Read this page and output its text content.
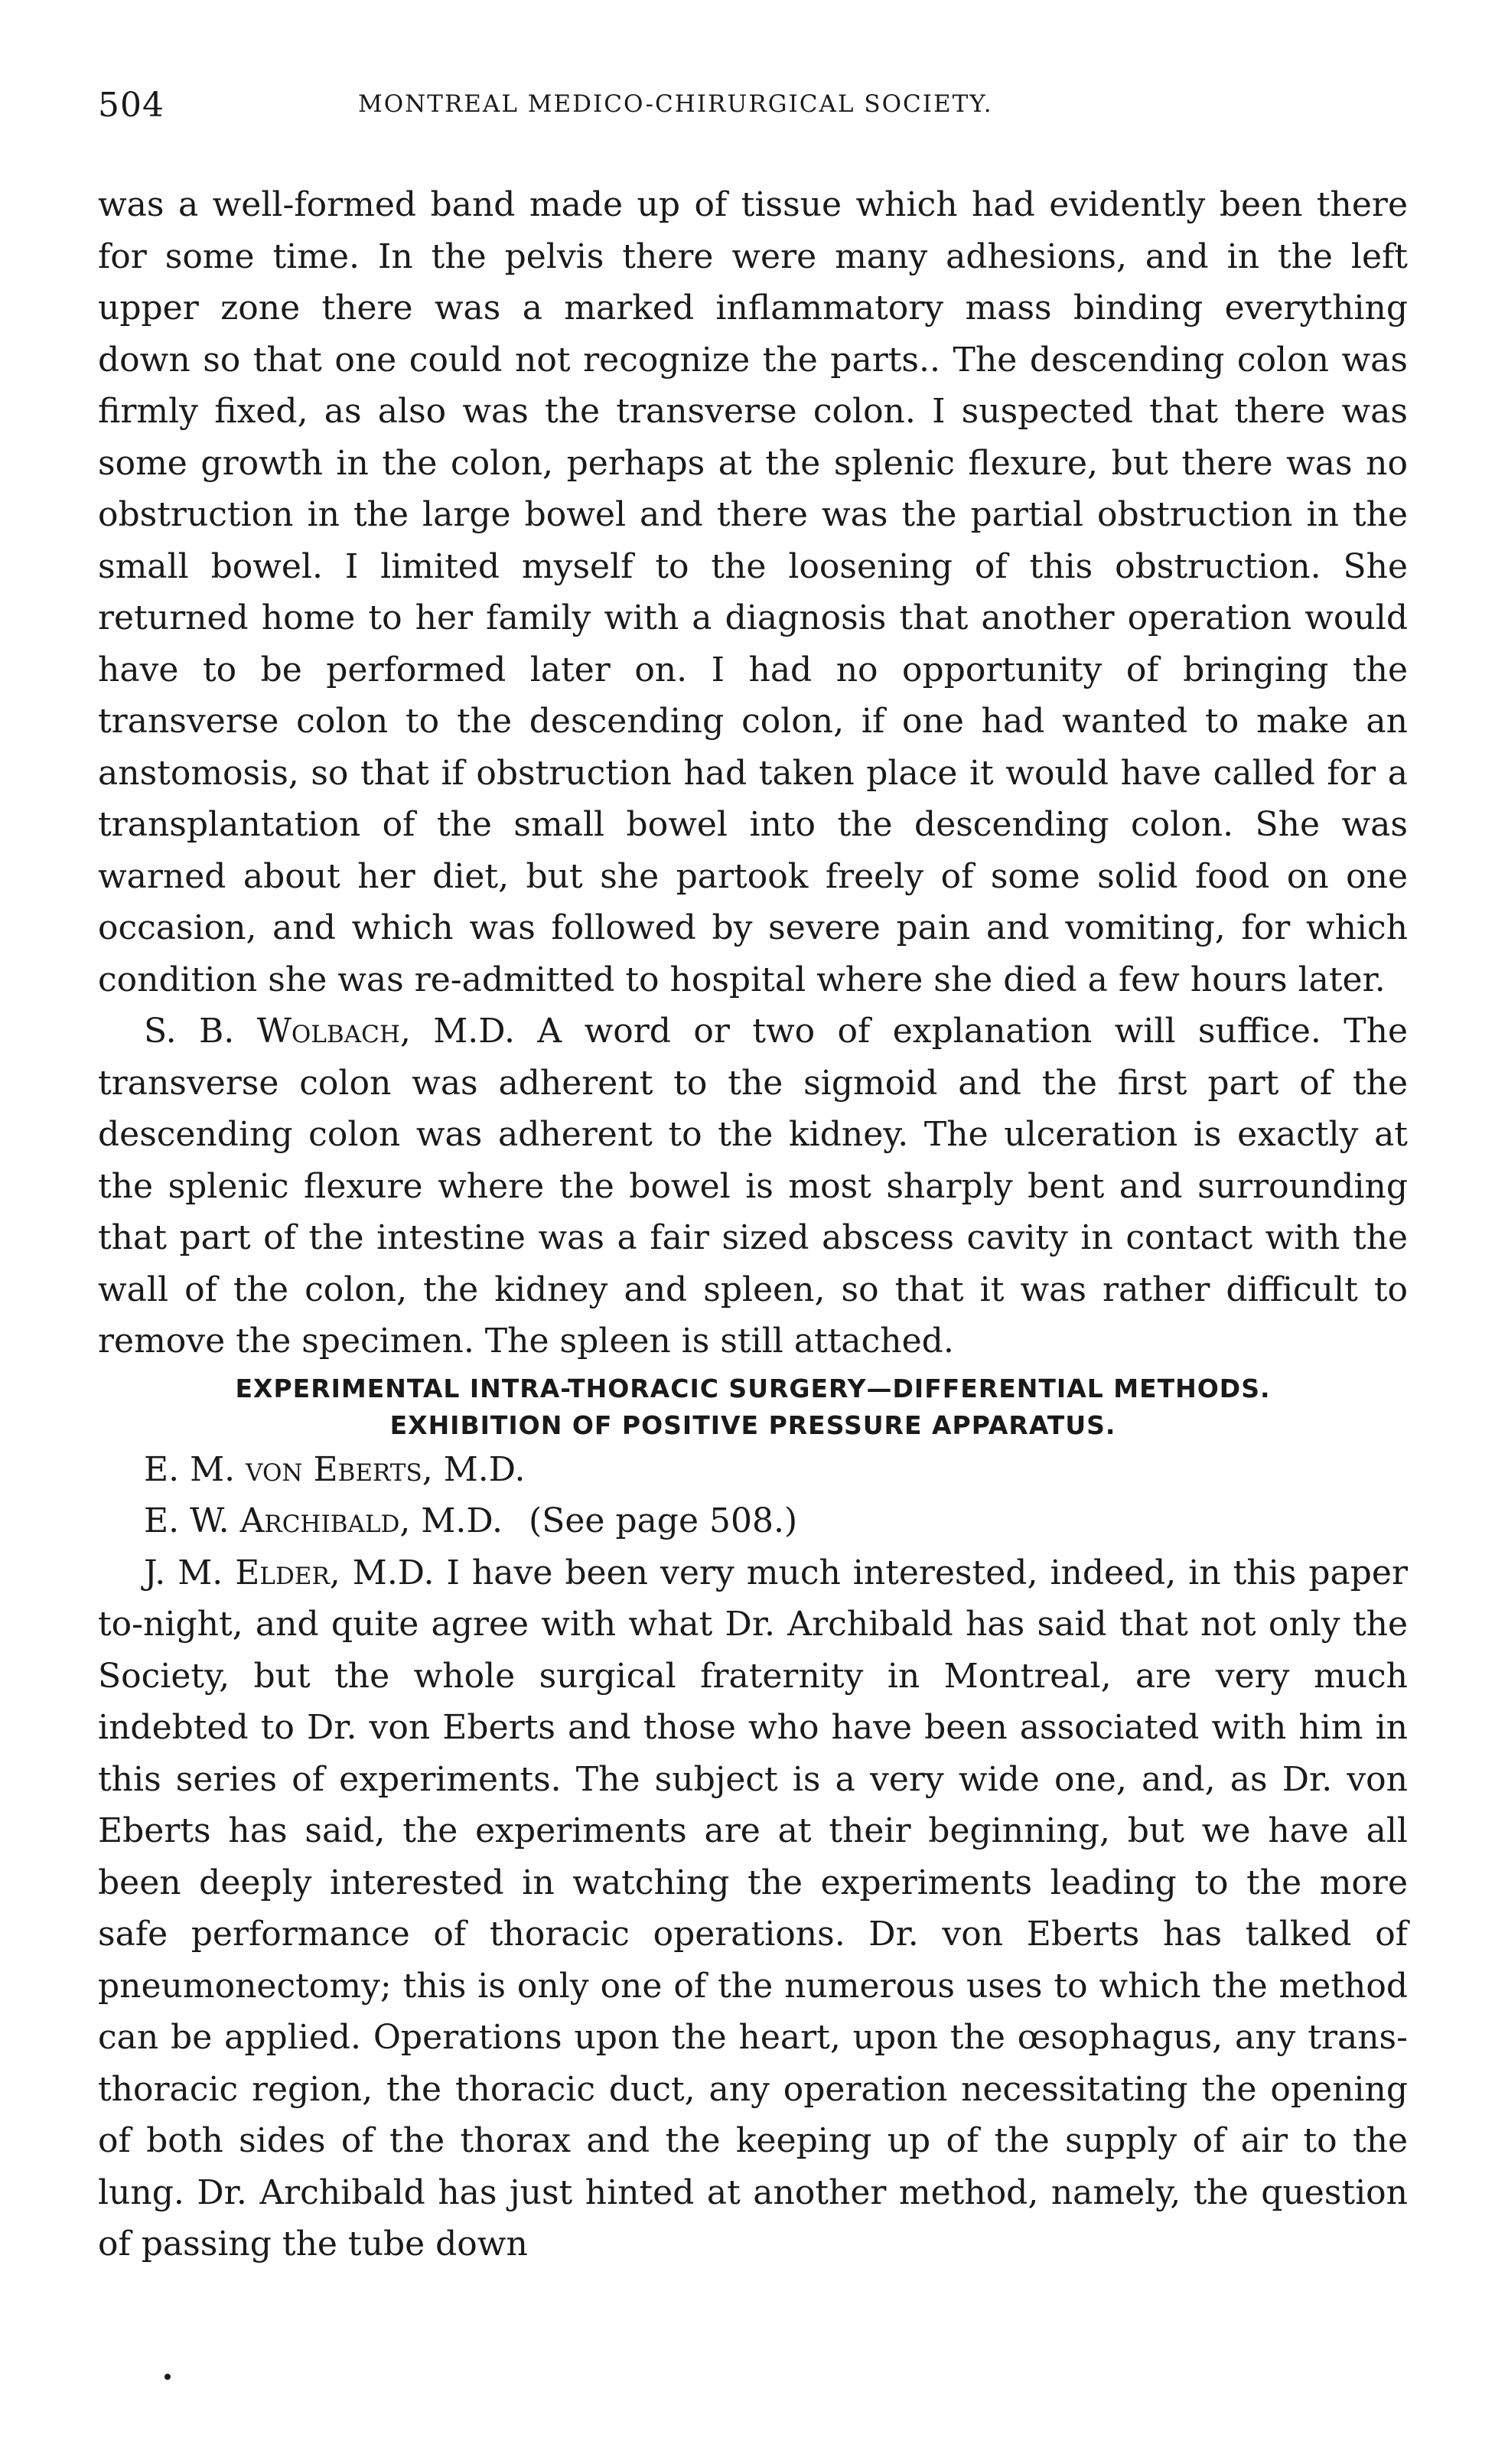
504	MONTREAL MEDICO-CHIRURGICAL SOCIETY.

was a well-formed band made up of tissue which had evidently been there for some time. In the pelvis there were many adhesions, and in the left upper zone there was a marked inflammatory mass binding everything down so that one could not recognize the parts.. The descending colon was firmly fixed, as also was the transverse colon. I suspected that there was some growth in the colon, perhaps at the splenic flexure, but there was no obstruction in the large bowel and there was the partial obstruction in the small bowel. I limited myself to the loosening of this obstruction. She returned home to her family with a diagnosis that another operation would have to be performed later on. I had no opportunity of bringing the transverse colon to the descending colon, if one had wanted to make an anstomosis, so that if obstruction had taken place it would have called for a transplantation of the small bowel into the descending colon. She was warned about her diet, but she partook freely of some solid food on one occasion, and which was followed by severe pain and vomiting, for which condition she was re-admitted to hospital where she died a few hours later.

S. B. Wolbach, M.D. A word or two of explanation will suffice. The transverse colon was adherent to the sigmoid and the first part of the descending colon was adherent to the kidney. The ulceration is exactly at the splenic flexure where the bowel is most sharply bent and surrounding that part of the intestine was a fair sized abscess cavity in contact with the wall of the colon, the kidney and spleen, so that it was rather difficult to remove the specimen. The spleen is still attached.

EXPERIMENTAL INTRA-THORACIC SURGERY—DIFFERENTIAL METHODS.
EXHIBITION OF POSITIVE PRESSURE APPARATUS.

E. M. von Eberts, M.D.

E. W. Archibald, M.D. (See page 508.)

J. M. Elder, M.D. I have been very much interested, indeed, in this paper to-night, and quite agree with what Dr. Archibald has said that not only the Society, but the whole surgical fraternity in Montreal, are very much indebted to Dr. von Eberts and those who have been associated with him in this series of experiments. The subject is a very wide one, and, as Dr. von Eberts has said, the experiments are at their beginning, but we have all been deeply interested in watching the experiments leading to the more safe performance of thoracic operations. Dr. von Eberts has talked of pneumonectomy; this is only one of the numerous uses to which the method can be applied. Operations upon the heart, upon the œsophagus, any trans-thoracic region, the thoracic duct, any operation necessitating the opening of both sides of the thorax and the keeping up of the supply of air to the lung. Dr. Archibald has just hinted at another method, namely, the question of passing the tube down
